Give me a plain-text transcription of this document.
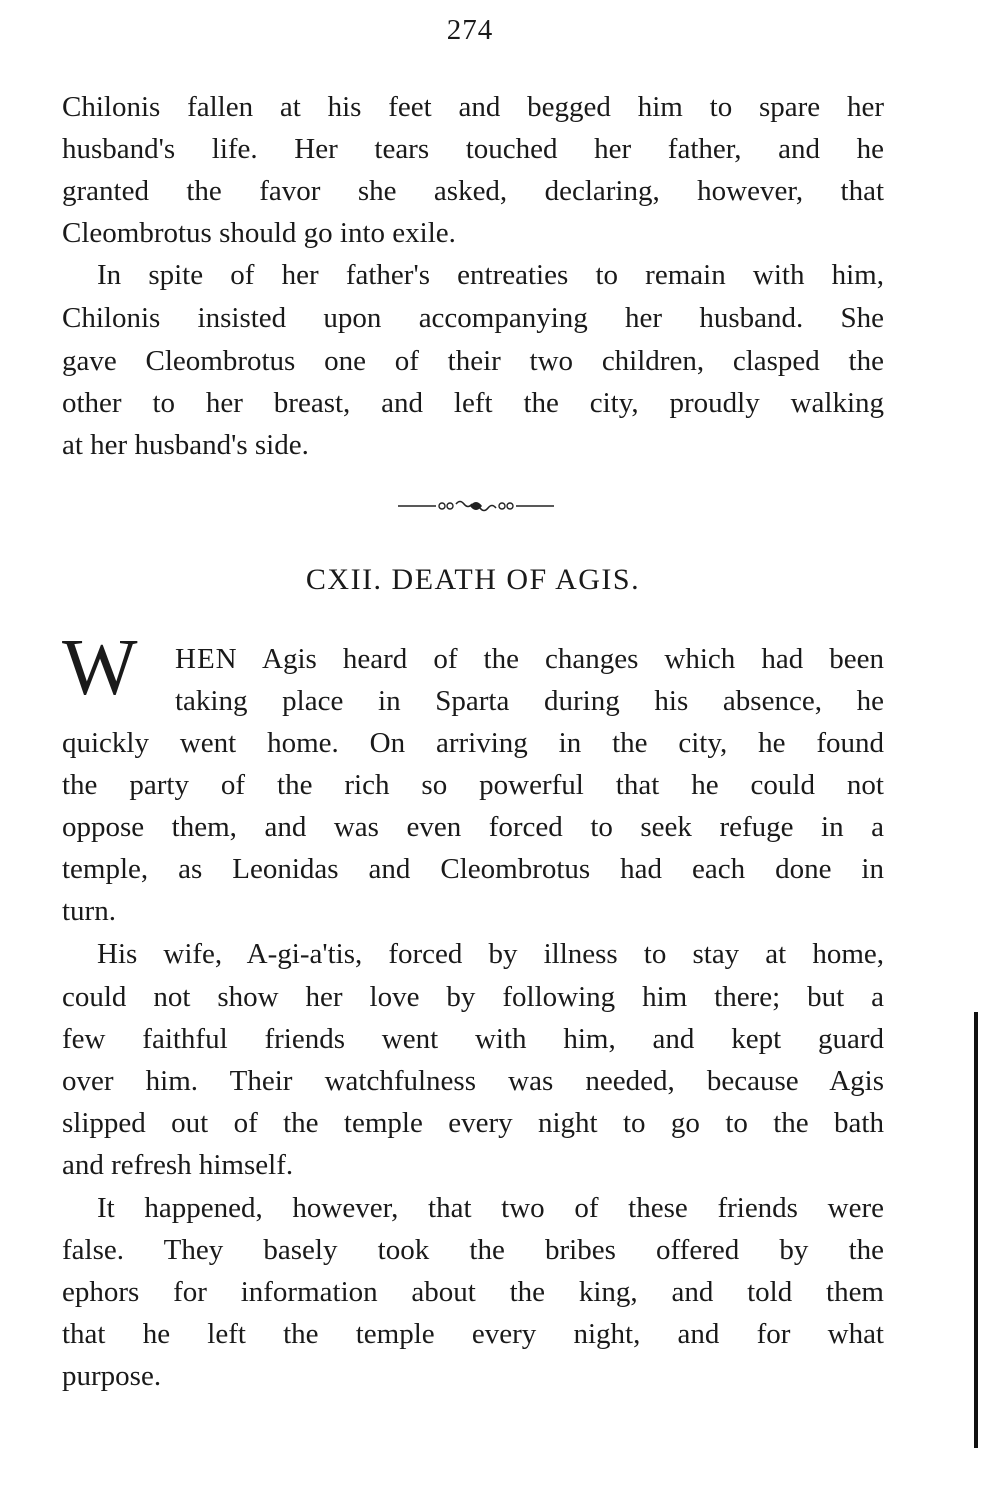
274
Chilonis fallen at his feet and begged him to spare her
husband's life. Her tears touched her father, and he
granted the favor she asked, declaring, however, that
Cleombrotus should go into exile.
In spite of her father's entreaties to remain with him,
Chilonis insisted upon accompanying her husband. She
gave Cleombrotus one of their two children, clasped the
other to her breast, and left the city, proudly walking
at her husband's side.
CXII. DEATH OF AGIS.
W HEN Agis heard of the changes which had been
taking place in Sparta during his absence, he
quickly went home. On arriving in the city, he found
the party of the rich so powerful that he could not
oppose them, and was even forced to seek refuge in a
temple, as Leonidas and Cleombrotus had each done in
turn.
His wife, A-gi-a'tis, forced by illness to stay at home,
could not show her love by following him there; but a
few faithful friends went with him, and kept guard
over him. Their watchfulness was needed, because Agis
slipped out of the temple every night to go to the bath
and refresh himself.
It happened, however, that two of these friends were
false. They basely took the bribes offered by the
ephors for information about the king, and told them
that he left the temple every night, and for what
purpose.
